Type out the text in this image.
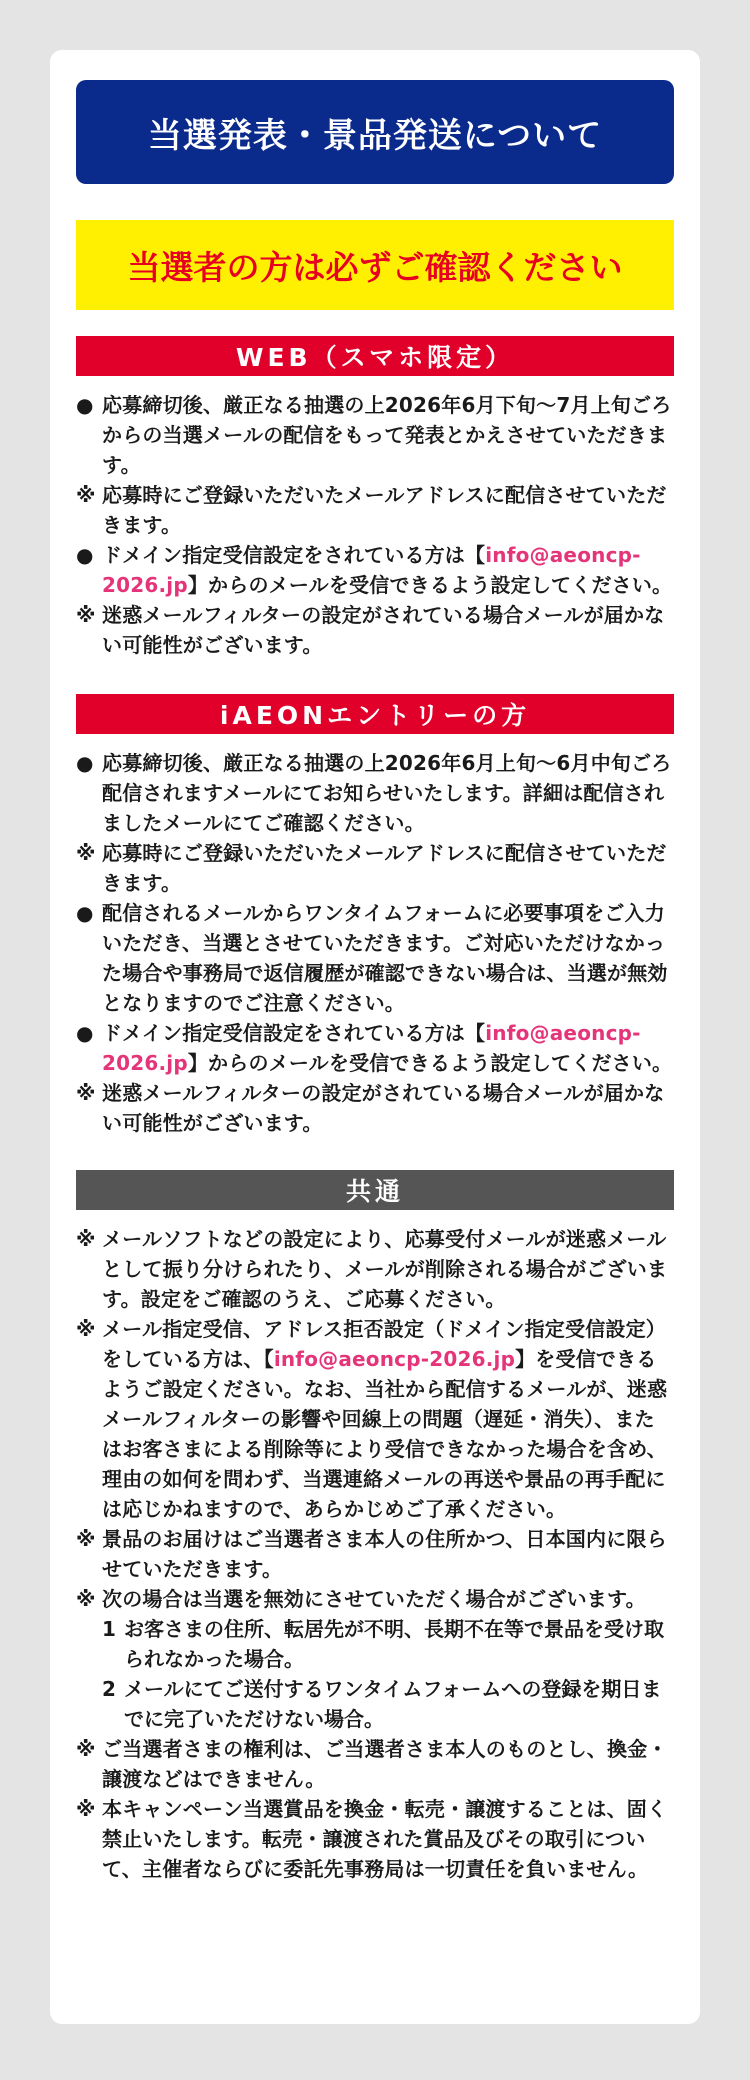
当選発表・景品発送について
当選者の方は必ずご確認ください
WEB（スマホ限定）
● 応募締切後、厳正なる抽選の上2026年6月下旬～7月上旬ごろからの当選メールの配信をもって発表とかえさせていただきます。
※ 応募時にご登録いただいたメールアドレスに配信させていただきます。
● ドメイン指定受信設定をされている方は【info@aeoncp-2026.jp】からのメールを受信できるよう設定してください。
※ 迷惑メールフィルターの設定がされている場合メールが届かない可能性がございます。
iAEONエントリーの方
● 応募締切後、厳正なる抽選の上2026年6月上旬～6月中旬ごろ配信されますメールにてお知らせいたします。詳細は配信されましたメールにてご確認ください。
※ 応募時にご登録いただいたメールアドレスに配信させていただきます。
● 配信されるメールからワンタイムフォームに必要事項をご入力いただき、当選とさせていただきます。ご対応いただけなかった場合や事務局で返信履歴が確認できない場合は、当選が無効となりますのでご注意ください。
● ドメイン指定受信設定をされている方は【info@aeoncp-2026.jp】からのメールを受信できるよう設定してください。
※ 迷惑メールフィルターの設定がされている場合メールが届かない可能性がございます。
共通
※ メールソフトなどの設定により、応募受付メールが迷惑メールとして振り分けられたり、メールが削除される場合がございます。設定をご確認のうえ、ご応募ください。
※ メール指定受信、アドレス拒否設定（ドメイン指定受信設定）をしている方は、【info@aeoncp-2026.jp】を受信できるようご設定ください。なお、当社から配信するメールが、迷惑メールフィルターの影響や回線上の問題（遅延・消失）、またはお客さまによる削除等により受信できなかった場合を含め、理由の如何を問わず、当選連絡メールの再送や景品の再手配には応じかねますので、あらかじめご了承ください。
※ 景品のお届けはご当選者さま本人の住所かつ、日本国内に限らせていただきます。
※ 次の場合は当選を無効にさせていただく場合がございます。
1 お客さまの住所、転居先が不明、長期不在等で景品を受け取られなかった場合。
2 メールにてご送付するワンタイムフォームへの登録を期日までに完了いただけない場合。
※ ご当選者さまの権利は、ご当選者さま本人のものとし、換金・譲渡などはできません。
※ 本キャンペーン当選賞品を換金・転売・譲渡することは、固く禁止いたします。転売・譲渡された賞品及びその取引について、主催者ならびに委託先事務局は一切責任を負いません。
